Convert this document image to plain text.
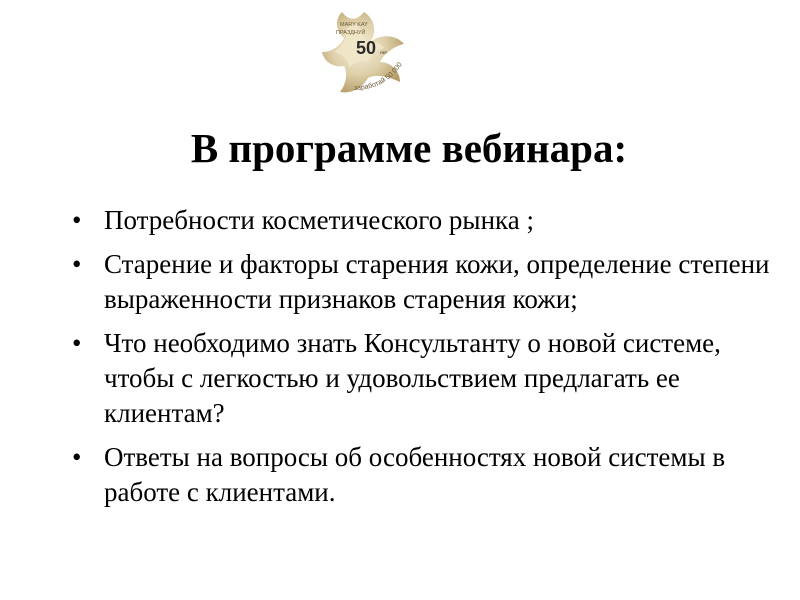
MARY KAY
ПРАЗДНУЙ
50 лет
заработай 50 000
В программе вебинара:
• Потребности косметического рынка ;
• Старение и факторы старения кожи, определение степени выраженности признаков старения кожи;
• Что необходимо знать Консультанту о новой системе, чтобы с легкостью и удовольствием предлагать ее клиентам?
• Ответы на вопросы об особенностях новой системы в работе с клиентами.
